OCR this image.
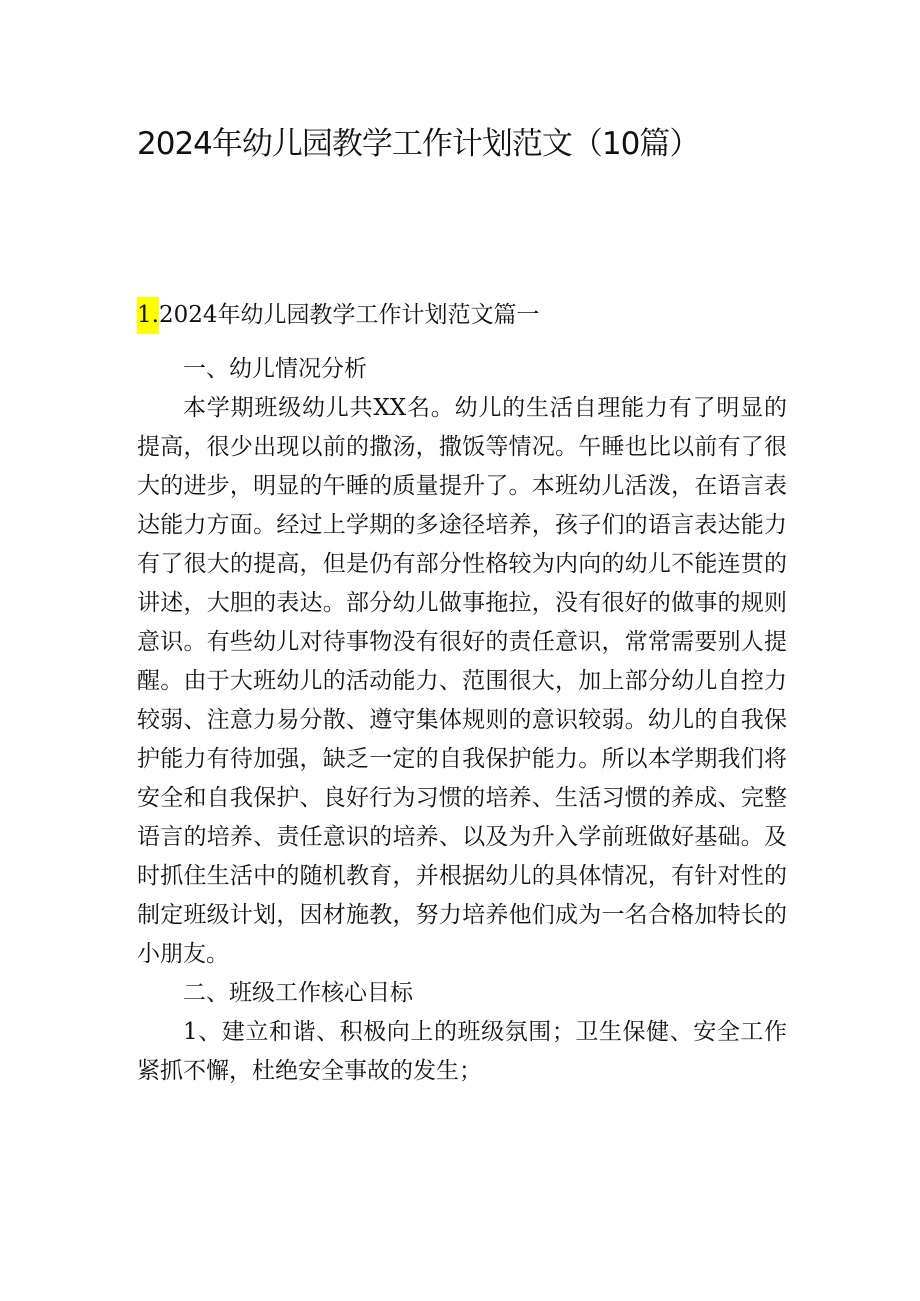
2024年幼儿园教学工作计划范文（10篇）
1.2024年幼儿园教学工作计划范文篇一

一、幼儿情况分析

本学期班级幼儿共XX名。幼儿的生活自理能力有了明显的提高，很少出现以前的撒汤，撒饭等情况。午睡也比以前有了很大的进步，明显的午睡的质量提升了。本班幼儿活泼，在语言表达能力方面。经过上学期的多途径培养，孩子们的语言表达能力有了很大的提高，但是仍有部分性格较为内向的幼儿不能连贯的讲述，大胆的表达。部分幼儿做事拖拉，没有很好的做事的规则意识。有些幼儿对待事物没有很好的责任意识，常常需要别人提醒。由于大班幼儿的活动能力、范围很大，加上部分幼儿自控力较弱、注意力易分散、遵守集体规则的意识较弱。幼儿的自我保护能力有待加强，缺乏一定的自我保护能力。所以本学期我们将安全和自我保护、良好行为习惯的培养、生活习惯的养成、完整语言的培养、责任意识的培养、以及为升入学前班做好基础。及时抓住生活中的随机教育，并根据幼儿的具体情况，有针对性的制定班级计划，因材施教，努力培养他们成为一名合格加特长的小朋友。

二、班级工作核心目标

1、建立和谐、积极向上的班级氛围；卫生保健、安全工作紧抓不懈，杜绝安全事故的发生；
